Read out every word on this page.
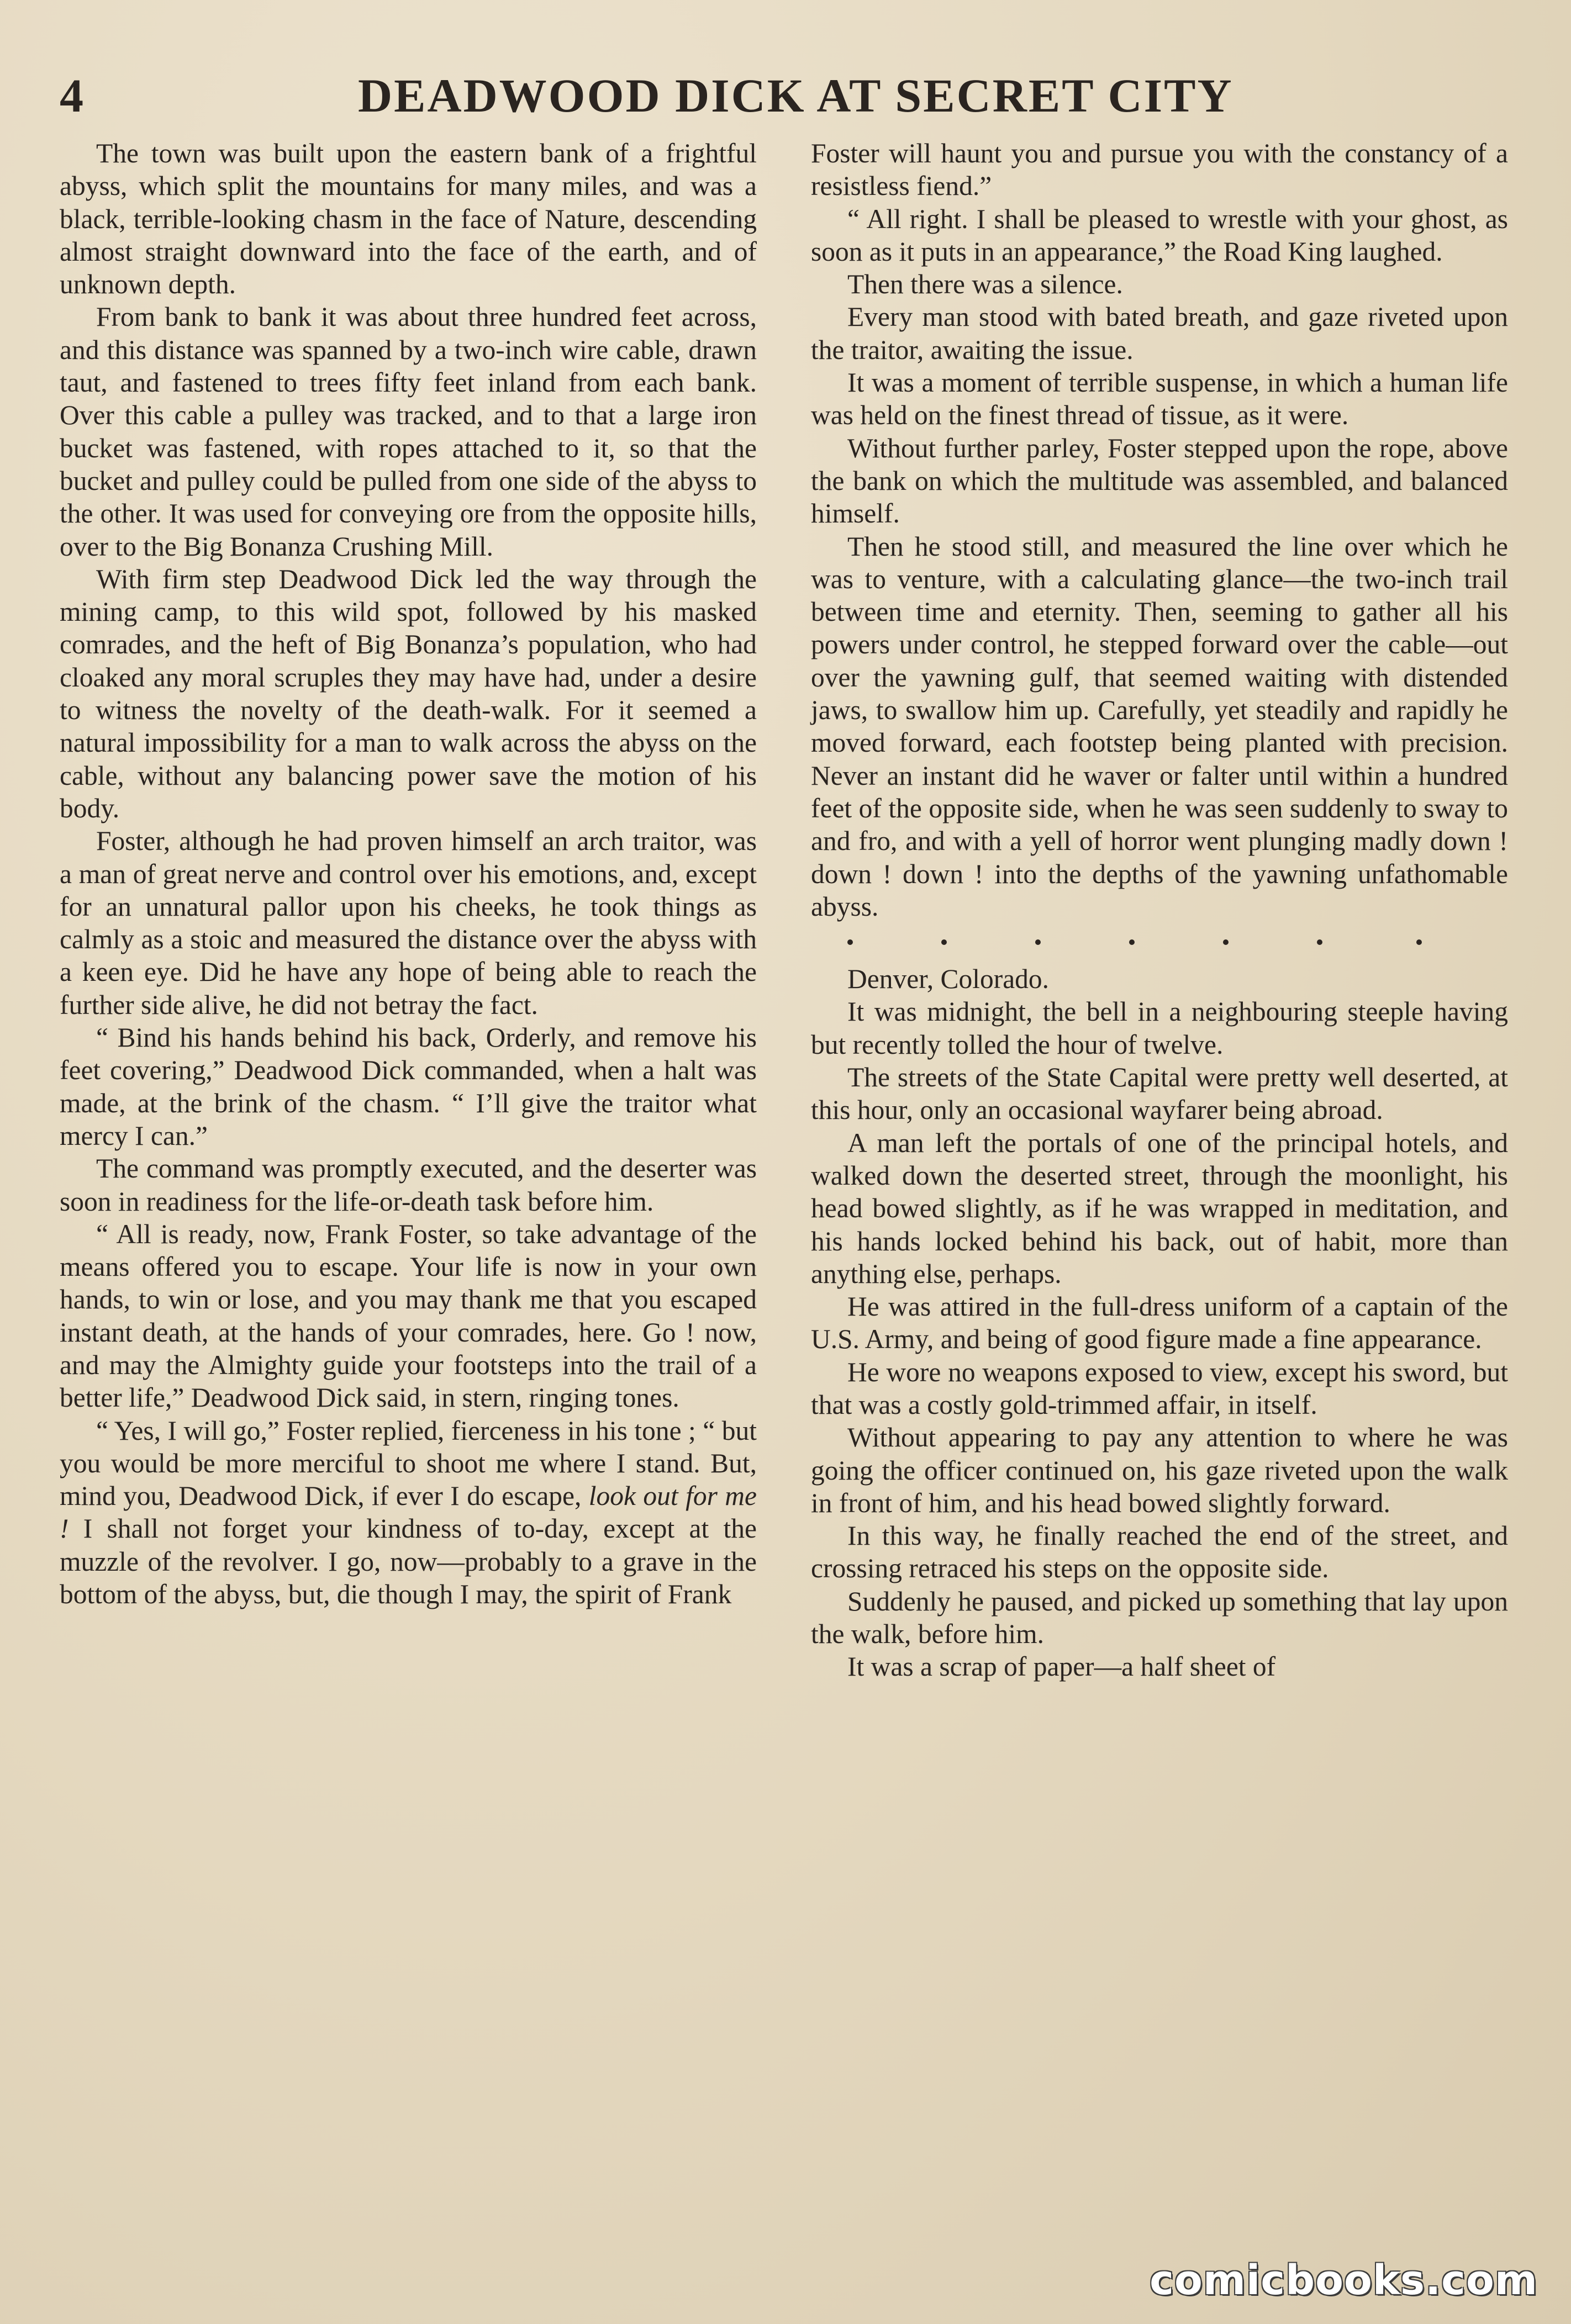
4	DEADWOOD DICK AT SECRET CITY

The town was built upon the eastern bank of a frightful abyss, which split the mountains for many miles, and was a black, terrible-looking chasm in the face of Nature, descending almost straight downward into the face of the earth, and of unknown depth.

From bank to bank it was about three hundred feet across, and this distance was spanned by a two-inch wire cable, drawn taut, and fastened to trees fifty feet inland from each bank. Over this cable a pulley was tracked, and to that a large iron bucket was fastened, with ropes attached to it, so that the bucket and pulley could be pulled from one side of the abyss to the other. It was used for conveying ore from the opposite hills, over to the Big Bonanza Crushing Mill.

With firm step Deadwood Dick led the way through the mining camp, to this wild spot, followed by his masked comrades, and the heft of Big Bonanza’s population, who had cloaked any moral scruples they may have had, under a desire to witness the novelty of the death-walk. For it seemed a natural impossibility for a man to walk across the abyss on the cable, without any balancing power save the motion of his body.

Foster, although he had proven himself an arch traitor, was a man of great nerve and control over his emotions, and, except for an unnatural pallor upon his cheeks, he took things as calmly as a stoic and measured the distance over the abyss with a keen eye. Did he have any hope of being able to reach the further side alive, he did not betray the fact.

“ Bind his hands behind his back, Orderly, and remove his feet covering,” Deadwood Dick commanded, when a halt was made, at the brink of the chasm. “ I’ll give the traitor what mercy I can.”

The command was promptly executed, and the deserter was soon in readiness for the life-or-death task before him.

“ All is ready, now, Frank Foster, so take advantage of the means offered you to escape. Your life is now in your own hands, to win or lose, and you may thank me that you escaped instant death, at the hands of your comrades, here. Go ! now, and may the Almighty guide your footsteps into the trail of a better life,” Deadwood Dick said, in stern, ringing tones.

“ Yes, I will go,” Foster replied, fierceness in his tone ; “ but you would be more merciful to shoot me where I stand. But, mind you, Deadwood Dick, if ever I do escape, look out for me ! I shall not forget your kindness of to-day, except at the muzzle of the revolver. I go, now—probably to a grave in the bottom of the abyss, but, die though I may, the spirit of Frank

Foster will haunt you and pursue you with the constancy of a resistless fiend.”

“ All right. I shall be pleased to wrestle with your ghost, as soon as it puts in an appearance,” the Road King laughed.

Then there was a silence.

Every man stood with bated breath, and gaze riveted upon the traitor, awaiting the issue.

It was a moment of terrible suspense, in which a human life was held on the finest thread of tissue, as it were.

Without further parley, Foster stepped upon the rope, above the bank on which the multitude was assembled, and balanced himself.

Then he stood still, and measured the line over which he was to venture, with a calculating glance—the two-inch trail between time and eternity. Then, seeming to gather all his powers under control, he stepped forward over the cable—out over the yawning gulf, that seemed waiting with distended jaws, to swallow him up. Carefully, yet steadily and rapidly he moved forward, each footstep being planted with precision. Never an instant did he waver or falter until within a hundred feet of the opposite side, when he was seen suddenly to sway to and fro, and with a yell of horror went plunging madly down ! down ! down ! into the depths of the yawning unfathomable abyss.

Denver, Colorado.

It was midnight, the bell in a neighbouring steeple having but recently tolled the hour of twelve.

The streets of the State Capital were pretty well deserted, at this hour, only an occasional wayfarer being abroad.

A man left the portals of one of the principal hotels, and walked down the deserted street, through the moonlight, his head bowed slightly, as if he was wrapped in meditation, and his hands locked behind his back, out of habit, more than anything else, perhaps.

He was attired in the full-dress uniform of a captain of the U.S. Army, and being of good figure made a fine appearance.

He wore no weapons exposed to view, except his sword, but that was a costly gold-trimmed affair, in itself.

Without appearing to pay any attention to where he was going the officer continued on, his gaze riveted upon the walk in front of him, and his head bowed slightly forward.

In this way, he finally reached the end of the street, and crossing retraced his steps on the opposite side.

Suddenly he paused, and picked up something that lay upon the walk, before him.

It was a scrap of paper—a half sheet of

comicbooks.com
